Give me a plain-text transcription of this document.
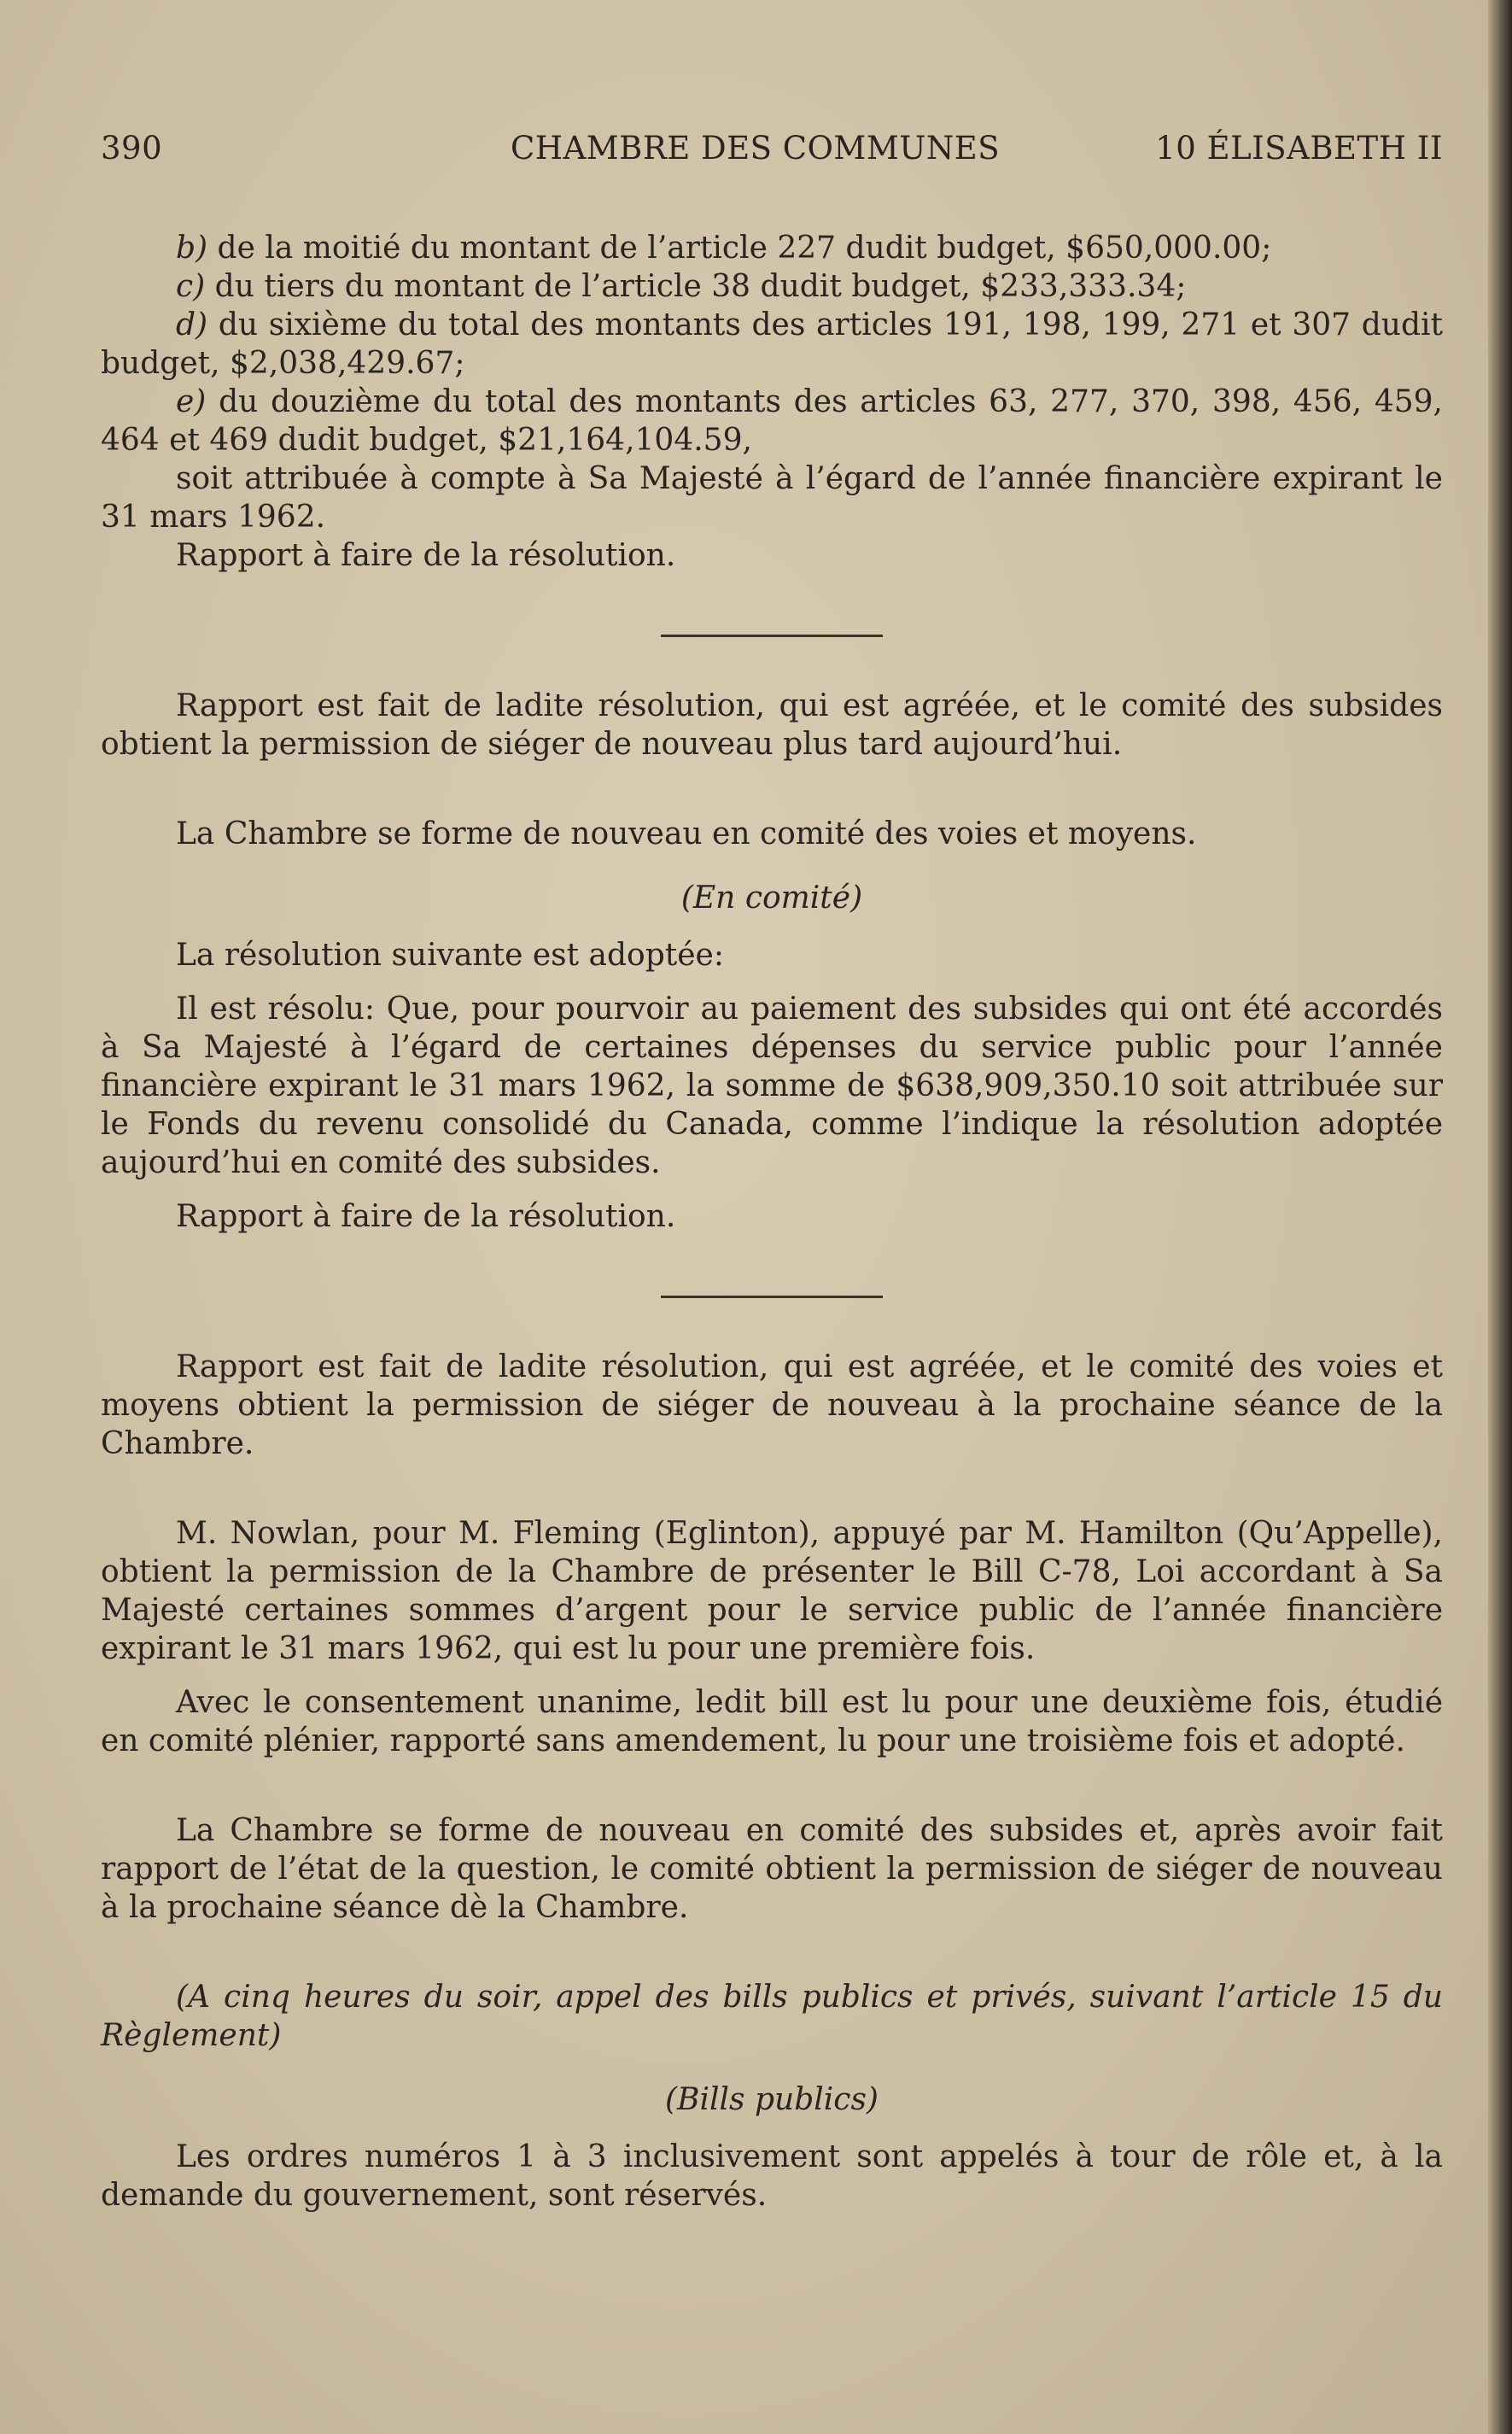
390	CHAMBRE DES COMMUNES	10 ÉLISABETH II

b) de la moitié du montant de l’article 227 dudit budget, $650,000.00;

c) du tiers du montant de l’article 38 dudit budget, $233,333.34;

d) du sixième du total des montants des articles 191, 198, 199, 271 et 307 dudit budget, $2,038,429.67;

e) du douzième du total des montants des articles 63, 277, 370, 398, 456, 459, 464 et 469 dudit budget, $21,164,104.59,

soit attribuée à compte à Sa Majesté à l’égard de l’année financière expirant le 31 mars 1962.

Rapport à faire de la résolution.

Rapport est fait de ladite résolution, qui est agréée, et le comité des subsides obtient la permission de siéger de nouveau plus tard aujourd’hui.

La Chambre se forme de nouveau en comité des voies et moyens.

(En comité)

La résolution suivante est adoptée:

Il est résolu: Que, pour pourvoir au paiement des subsides qui ont été accordés à Sa Majesté à l’égard de certaines dépenses du service public pour l’année financière expirant le 31 mars 1962, la somme de $638,909,350.10 soit attribuée sur le Fonds du revenu consolidé du Canada, comme l’indique la résolution adoptée aujourd’hui en comité des subsides.

Rapport à faire de la résolution.

Rapport est fait de ladite résolution, qui est agréée, et le comité des voies et moyens obtient la permission de siéger de nouveau à la prochaine séance de la Chambre.

M. Nowlan, pour M. Fleming (Eglinton), appuyé par M. Hamilton (Qu’Appelle), obtient la permission de la Chambre de présenter le Bill C-78, Loi accordant à Sa Majesté certaines sommes d’argent pour le service public de l’année financière expirant le 31 mars 1962, qui est lu pour une première fois.

Avec le consentement unanime, ledit bill est lu pour une deuxième fois, étudié en comité plénier, rapporté sans amendement, lu pour une troisième fois et adopté.

La Chambre se forme de nouveau en comité des subsides et, après avoir fait rapport de l’état de la question, le comité obtient la permission de siéger de nouveau à la prochaine séance dè la Chambre.

(A cinq heures du soir, appel des bills publics et privés, suivant l’article 15 du Règlement)

(Bills publics)

Les ordres numéros 1 à 3 inclusivement sont appelés à tour de rôle et, à la demande du gouvernement, sont réservés.
